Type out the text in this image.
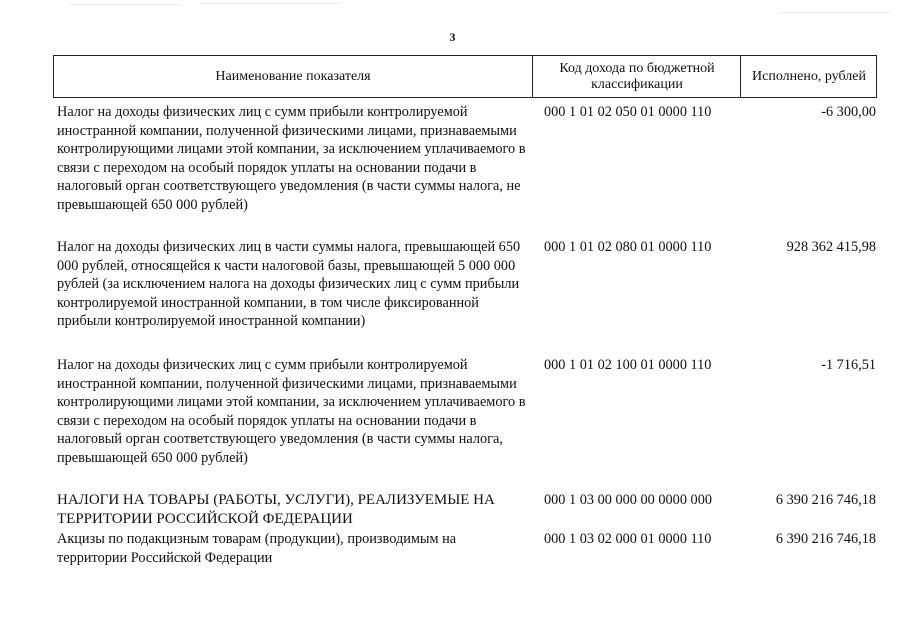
3
Наименование показателя
Код дохода по бюджетной классификации
Исполнено, рублей
Налог на доходы физических лиц с сумм прибыли контролируемой иностранной компании, полученной физическими лицами, признаваемыми контролирующими лицами этой компании, за исключением уплачиваемого в связи с переходом на особый порядок уплаты на основании подачи в налоговый орган соответствующего уведомления (в части суммы налога, не превышающей 650 000 рублей)
000 1 01 02 050 01 0000 110	-6 300,00
Налог на доходы физических лиц в части суммы налога, превышающей 650 000 рублей, относящейся к части налоговой базы, превышающей 5 000 000 рублей (за исключением налога на доходы физических лиц с сумм прибыли контролируемой иностранной компании, в том числе фиксированной прибыли контролируемой иностранной компании)
000 1 01 02 080 01 0000 110	928 362 415,98
Налог на доходы физических лиц с сумм прибыли контролируемой иностранной компании, полученной физическими лицами, признаваемыми контролирующими лицами этой компании, за исключением уплачиваемого в связи с переходом на особый порядок уплаты на основании подачи в налоговый орган соответствующего уведомления (в части суммы налога, превышающей 650 000 рублей)
000 1 01 02 100 01 0000 110	-1 716,51
НАЛОГИ НА ТОВАРЫ (РАБОТЫ, УСЛУГИ), РЕАЛИЗУЕМЫЕ НА ТЕРРИТОРИИ РОССИЙСКОЙ ФЕДЕРАЦИИ
000 1 03 00 000 00 0000 000	6 390 216 746,18
Акцизы по подакцизным товарам (продукции), производимым на территории Российской Федерации
000 1 03 02 000 01 0000 110	6 390 216 746,18
